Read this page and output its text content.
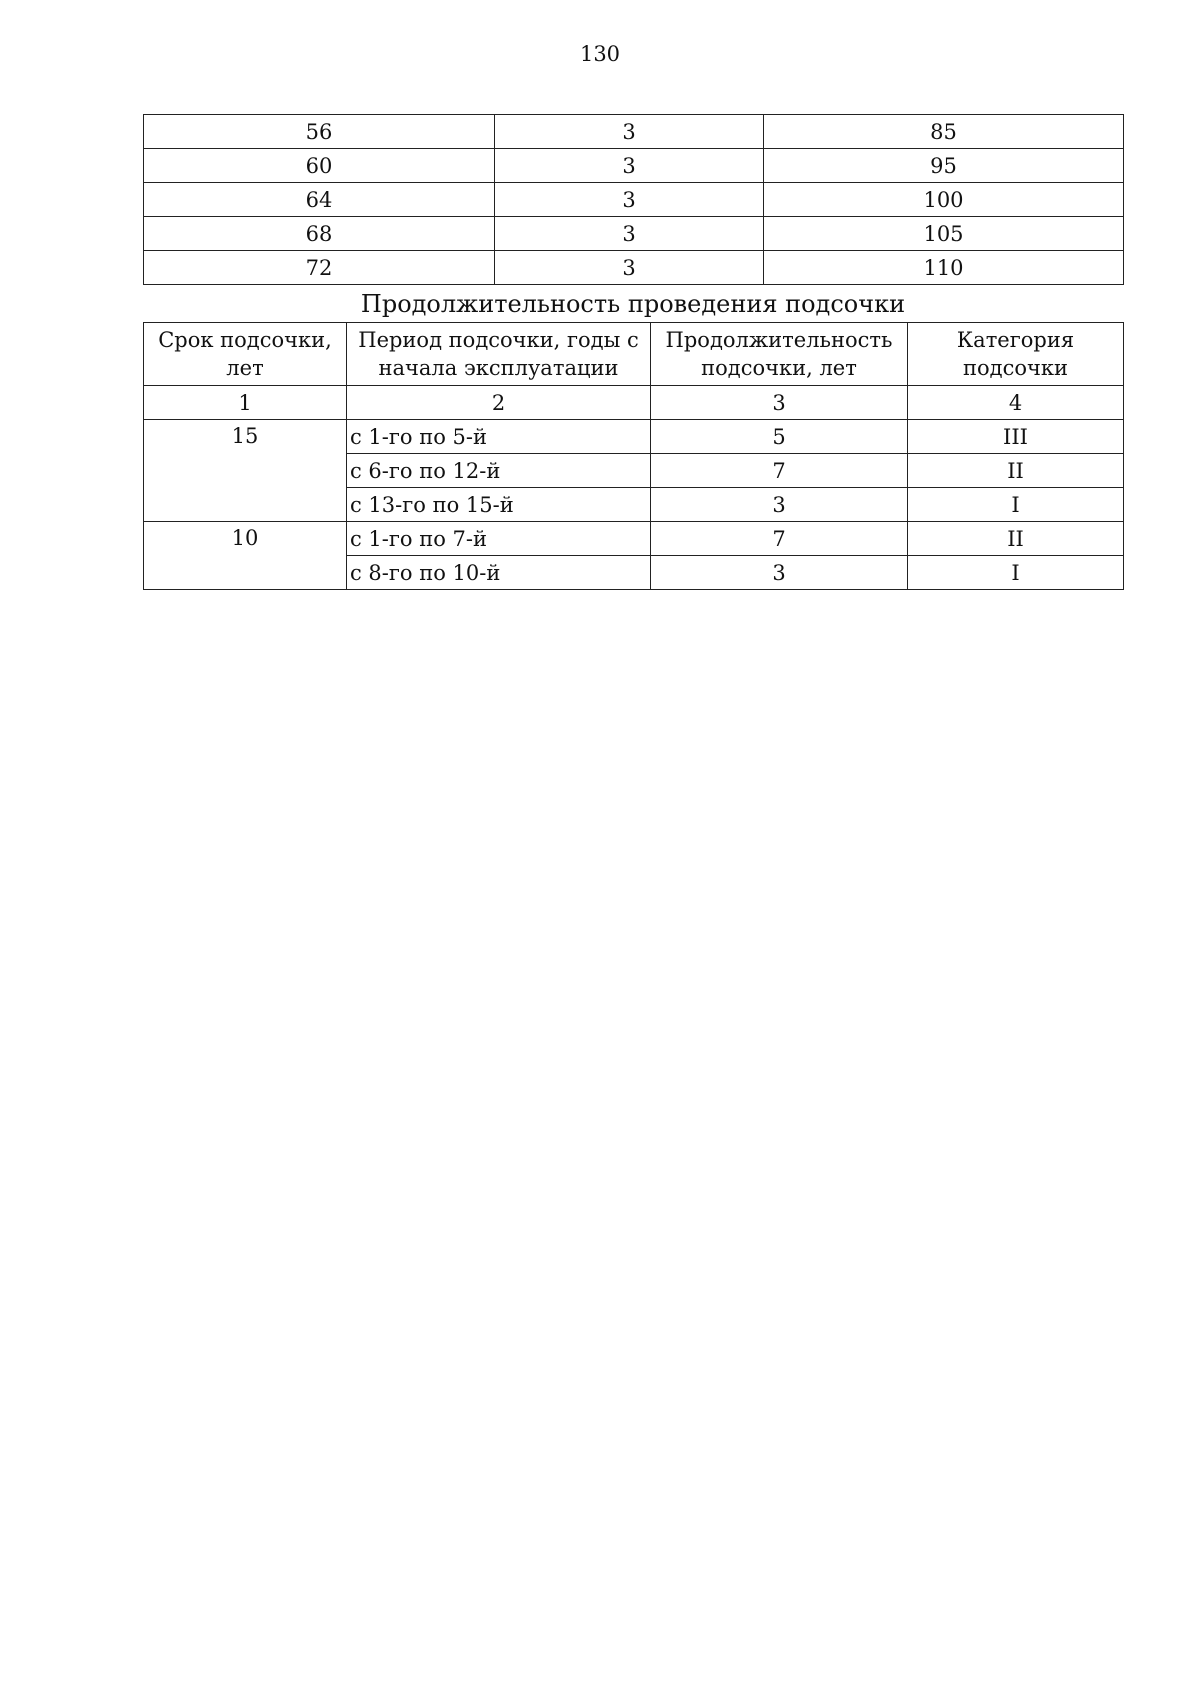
130
56	3	85
60	3	95
64	3	100
68	3	105
72	3	110
Продолжительность проведения подсочки
Срок подсочки, лет	Период подсочки, годы с начала эксплуатации	Продолжительность подсочки, лет	Категория подсочки
1	2	3	4
15	с 1-го по 5-й	5	III
	с 6-го по 12-й	7	II
	с 13-го по 15-й	3	I
10	с 1-го по 7-й	7	II
	с 8-го по 10-й	3	I
